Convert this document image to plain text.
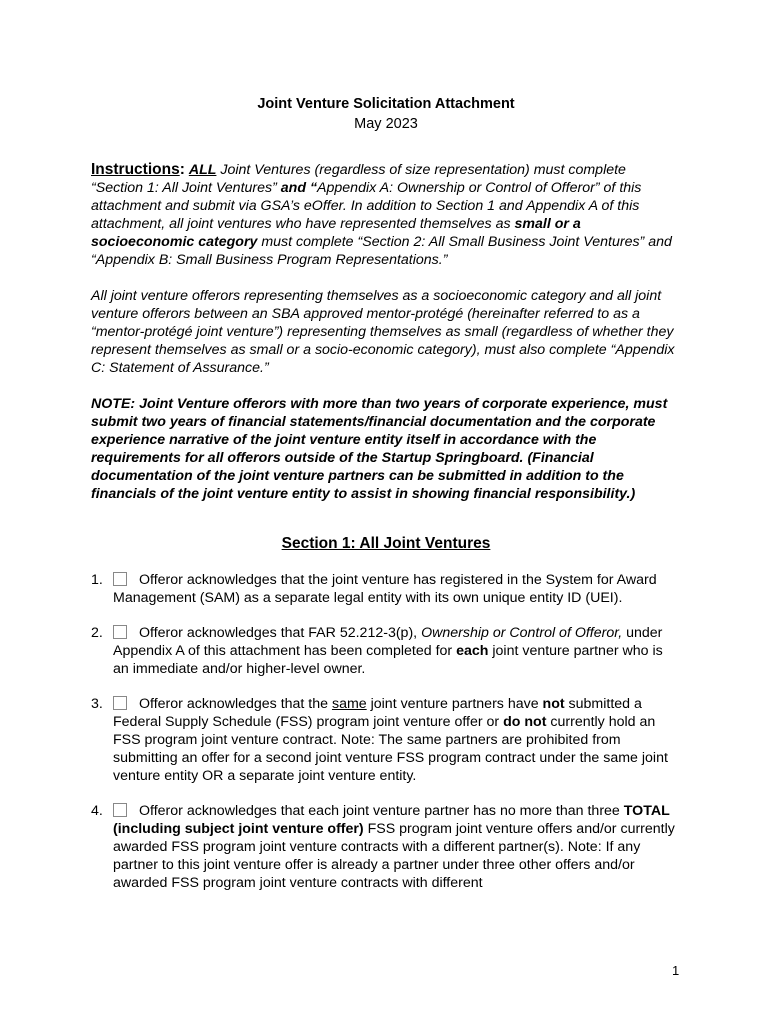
Joint Venture Solicitation Attachment
May 2023
Instructions: ALL Joint Ventures (regardless of size representation) must complete “Section 1: All Joint Ventures” and “Appendix A: Ownership or Control of Offeror” of this attachment and submit via GSA’s eOffer. In addition to Section 1 and Appendix A of this attachment, all joint ventures who have represented themselves as small or a socioeconomic category must complete “Section 2: All Small Business Joint Ventures” and “Appendix B: Small Business Program Representations.”
All joint venture offerors representing themselves as a socioeconomic category and all joint venture offerors between an SBA approved mentor-protégé (hereinafter referred to as a “mentor-protégé joint venture”) representing themselves as small (regardless of whether they represent themselves as small or a socio-economic category), must also complete “Appendix C: Statement of Assurance.”
NOTE: Joint Venture offerors with more than two years of corporate experience, must submit two years of financial statements/financial documentation and the corporate experience narrative of the joint venture entity itself in accordance with the requirements for all offerors outside of the Startup Springboard. (Financial documentation of the joint venture partners can be submitted in addition to the financials of the joint venture entity to assist in showing financial responsibility.)
Section 1: All Joint Ventures
1.	Offeror acknowledges that the joint venture has registered in the System for Award Management (SAM) as a separate legal entity with its own unique entity ID (UEI).
2.	Offeror acknowledges that FAR 52.212-3(p), Ownership or Control of Offeror, under Appendix A of this attachment has been completed for each joint venture partner who is an immediate and/or higher-level owner.
3.	Offeror acknowledges that the same joint venture partners have not submitted a Federal Supply Schedule (FSS) program joint venture offer or do not currently hold an FSS program joint venture contract. Note: The same partners are prohibited from submitting an offer for a second joint venture FSS program contract under the same joint venture entity OR a separate joint venture entity.
4.	Offeror acknowledges that each joint venture partner has no more than three TOTAL (including subject joint venture offer) FSS program joint venture offers and/or currently awarded FSS program joint venture contracts with a different partner(s). Note: If any partner to this joint venture offer is already a partner under three other offers and/or awarded FSS program joint venture contracts with different
1
